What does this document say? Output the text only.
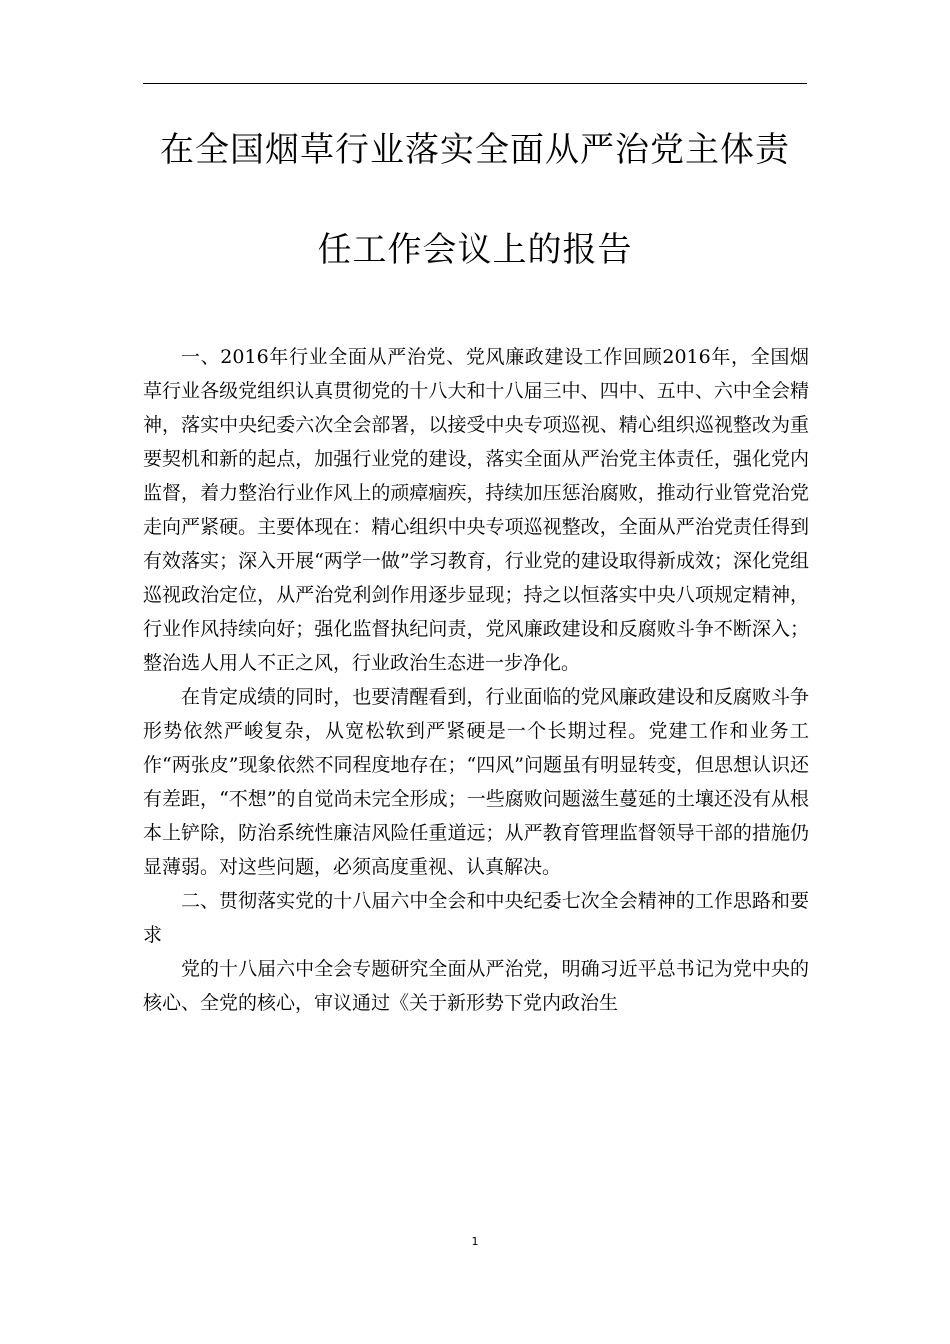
在全国烟草行业落实全面从严治党主体责
任工作会议上的报告

一、2016年行业全面从严治党、党风廉政建设工作回顾2016年，全国烟草行业各级党组织认真贯彻党的十八大和十八届三中、四中、五中、六中全会精神，落实中央纪委六次全会部署，以接受中央专项巡视、精心组织巡视整改为重要契机和新的起点，加强行业党的建设，落实全面从严治党主体责任，强化党内监督，着力整治行业作风上的顽瘴痼疾，持续加压惩治腐败，推动行业管党治党走向严紧硬。主要体现在：精心组织中央专项巡视整改，全面从严治党责任得到有效落实；深入开展“两学一做”学习教育，行业党的建设取得新成效；深化党组巡视政治定位，从严治党利剑作用逐步显现；持之以恒落实中央八项规定精神，行业作风持续向好；强化监督执纪问责，党风廉政建设和反腐败斗争不断深入；整治选人用人不正之风，行业政治生态进一步净化。

在肯定成绩的同时，也要清醒看到，行业面临的党风廉政建设和反腐败斗争形势依然严峻复杂，从宽松软到严紧硬是一个长期过程。党建工作和业务工作“两张皮”现象依然不同程度地存在；“四风”问题虽有明显转变，但思想认识还有差距，“不想”的自觉尚未完全形成；一些腐败问题滋生蔓延的土壤还没有从根本上铲除，防治系统性廉洁风险任重道远；从严教育管理监督领导干部的措施仍显薄弱。对这些问题，必须高度重视、认真解决。

二、贯彻落实党的十八届六中全会和中央纪委七次全会精神的工作思路和要求

党的十八届六中全会专题研究全面从严治党，明确习近平总书记为党中央的核心、全党的核心，审议通过《关于新形势下党内政治生

1
